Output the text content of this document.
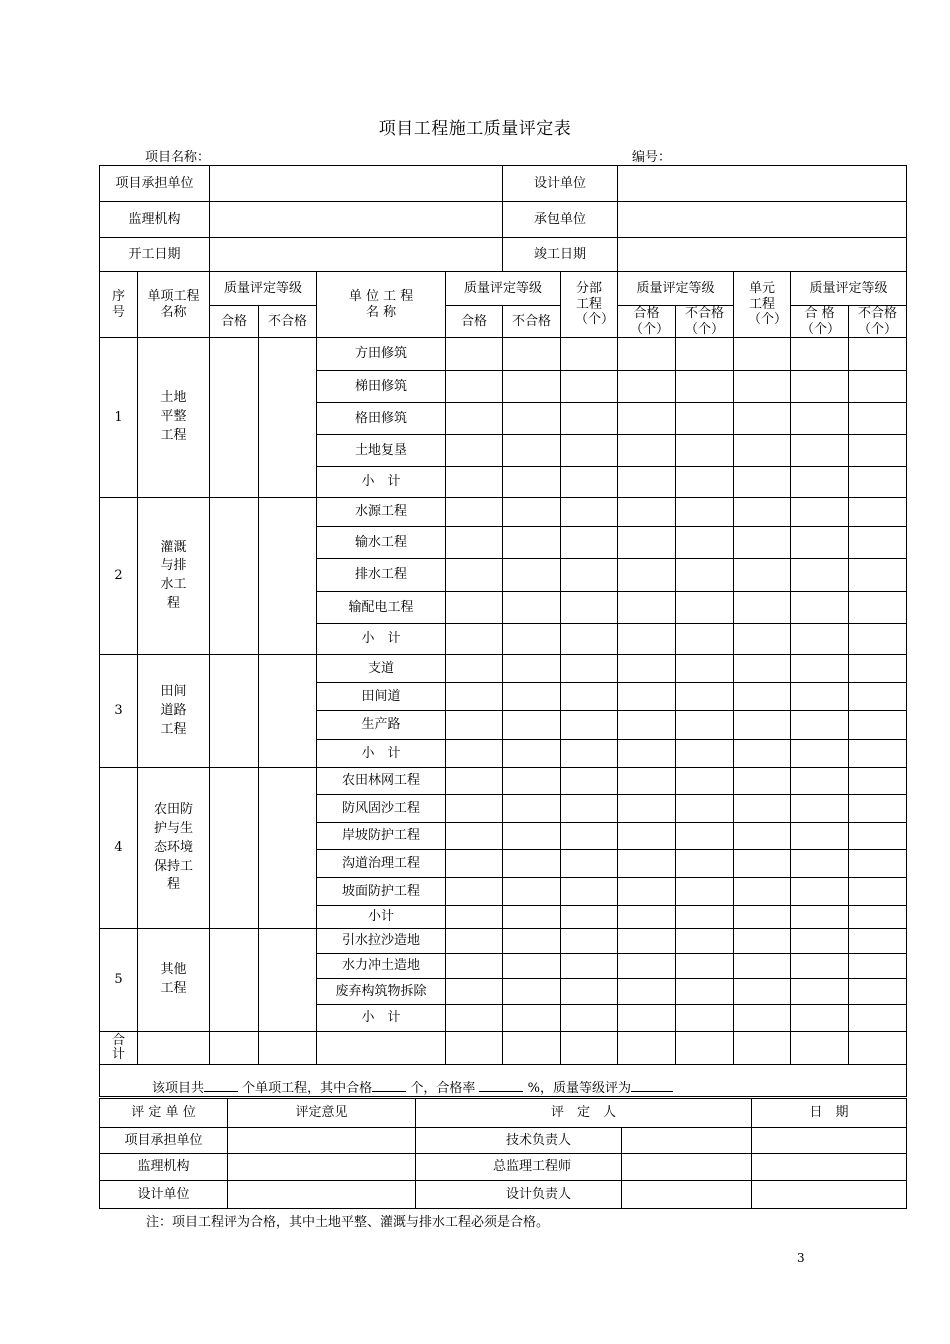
项目工程施工质量评定表
项目名称：	编号：
项目承担单位						设计单位						
监理机构						承包单位						
开工日期						竣工日期						
序号	单项工程名称	质量评定等级		单 位 工 程 名 称	质量评定等级		分部工程（个）	质量评定等级		单元工程（个）	质量评定等级	
		合格	不合格		合格	不合格		合格（个）	不合格（个）		合 格（个）	不合格（个）
1	土地平整工程			方田修筑								
				梯田修筑								
				格田修筑								
				土地复垦								
				小　计								
2	灌溉与排水工程			水源工程								
				输水工程								
				排水工程								
				输配电工程								
				小　计								
3	田间道路工程			支道								
				田间道								
				生产路								
				小　计								
4	农田防护与生态环境保持工程			农田林网工程								
				防风固沙工程								
				岸坡防护工程								
				沟道治理工程								
				坡面防护工程								
				小计								
5	其他工程			引水拉沙造地								
				水力冲土造地								
				废弃构筑物拆除								
				小　计								
合计												
该项目共 个单项工程，其中合格 个，合格率 %，质量等级评为												
评 定 单 位	评定意见	评　定　人		日　期
项目承担单位		技术负责人		
监理机构		总监理工程师		
设计单位		设计负责人		
注：项目工程评为合格，其中土地平整、灌溉与排水工程必须是合格。
3
